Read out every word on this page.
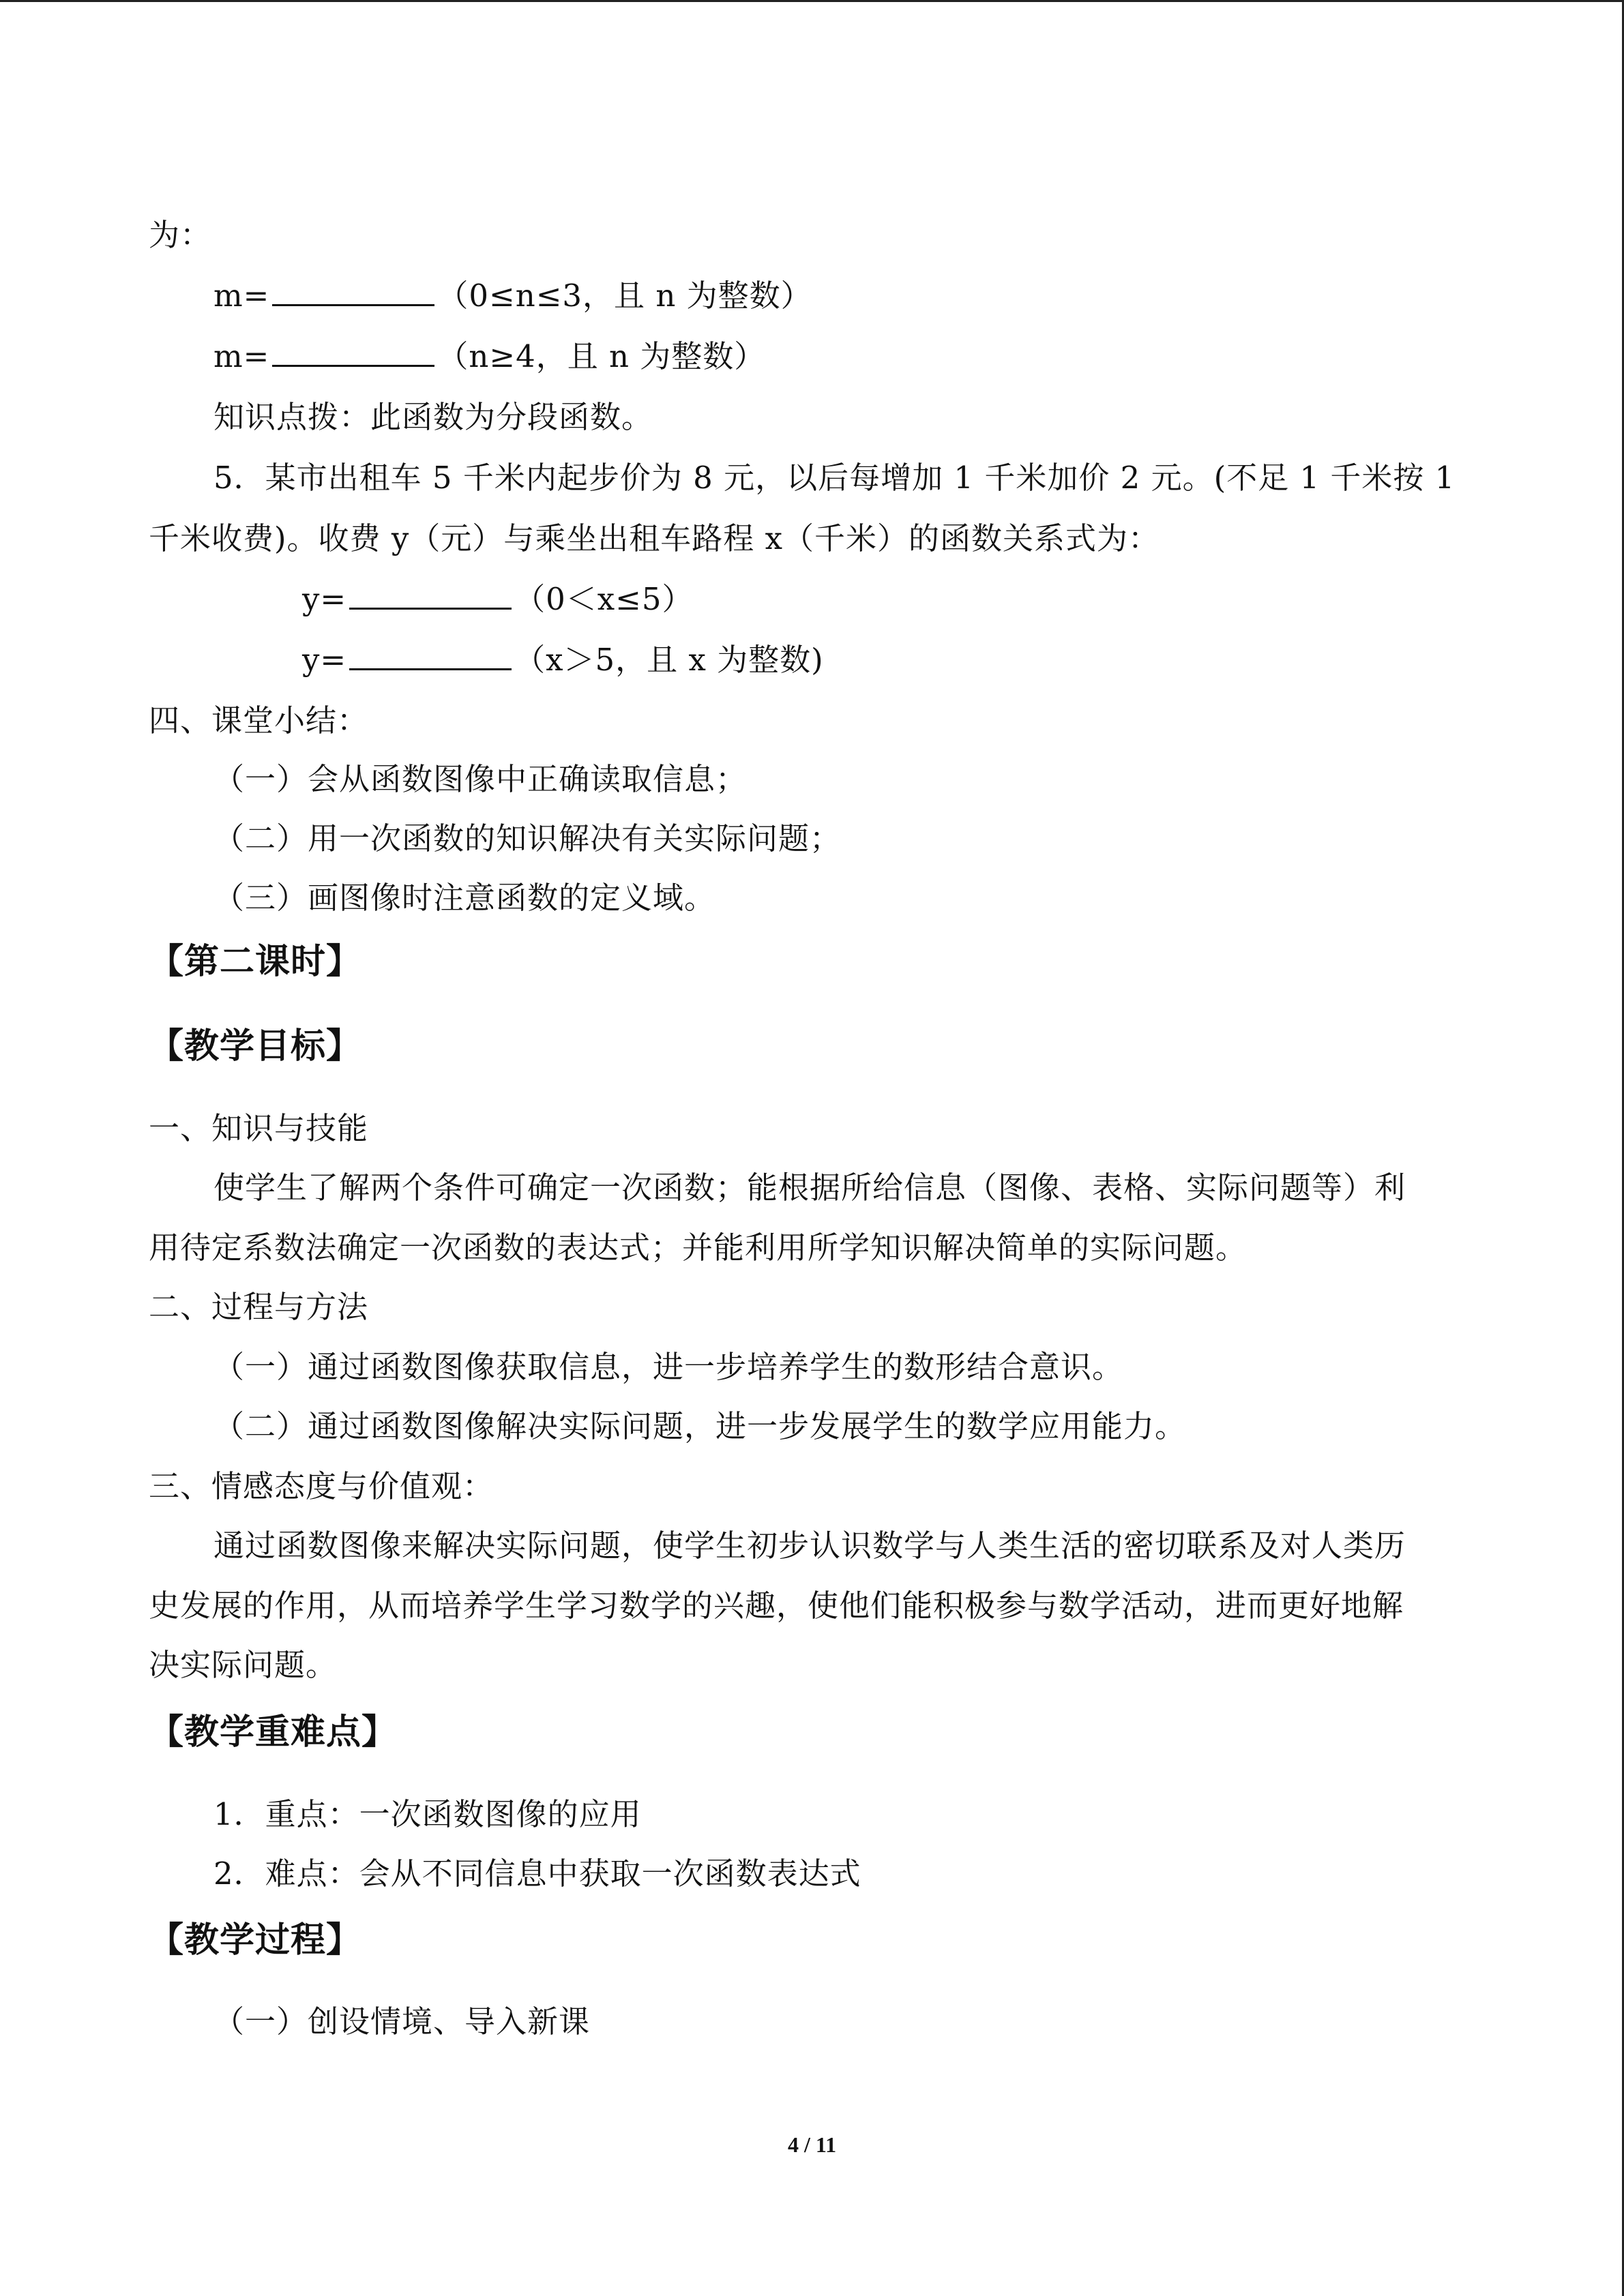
为：
m=	（0≤n≤3，且 n 为整数）
m=	（n≥4，且 n 为整数）
知识点拨：此函数为分段函数。
5．某市出租车 5 千米内起步价为 8 元，以后每增加 1 千米加价 2 元。(不足 1 千米按 1
千米收费)。收费 y（元）与乘坐出租车路程 x（千米）的函数关系式为：
y=	（0＜x≤5）
y=	（x＞5，且 x 为整数)
四、课堂小结：
（一）会从函数图像中正确读取信息；
（二）用一次函数的知识解决有关实际问题；
（三）画图像时注意函数的定义域。
【第二课时】
【教学目标】
一、知识与技能
使学生了解两个条件可确定一次函数；能根据所给信息（图像、表格、实际问题等）利
用待定系数法确定一次函数的表达式；并能利用所学知识解决简单的实际问题。
二、过程与方法
（一）通过函数图像获取信息，进一步培养学生的数形结合意识。
（二）通过函数图像解决实际问题，进一步发展学生的数学应用能力。
三、情感态度与价值观：
通过函数图像来解决实际问题，使学生初步认识数学与人类生活的密切联系及对人类历
史发展的作用，从而培养学生学习数学的兴趣，使他们能积极参与数学活动，进而更好地解
决实际问题。
【教学重难点】
1．重点：一次函数图像的应用
2．难点：会从不同信息中获取一次函数表达式
【教学过程】
（一）创设情境、导入新课
4 / 11
